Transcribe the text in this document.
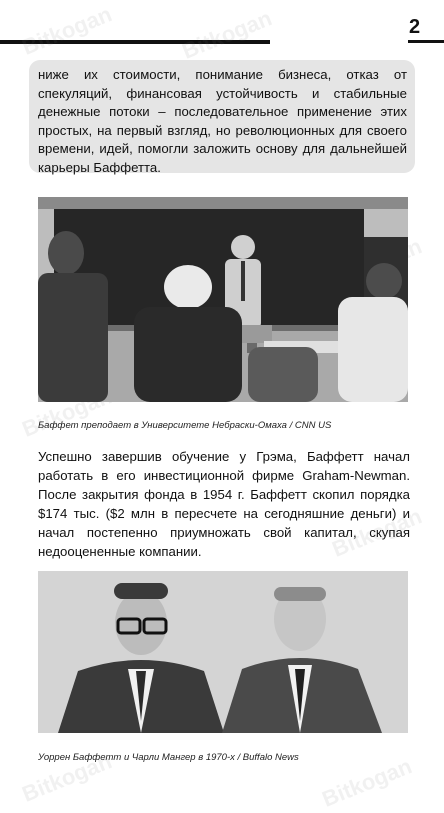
2
Bitkogan	Bitkogan
Bitkogan
Bitkogan
Bitkogan	Bitkogan
ниже их стоимости, понимание бизнеса, отказ от спекуляций, финансовая устойчивость и стабильные денежные потоки – последовательное применение этих простых, на первый взгляд, но революционных для своего времени, идей, помогли заложить основу для дальнейшей карьеры Баффетта.
Баффет преподает в Университете Небраски-Омаха / CNN US
Успешно завершив обучение у Грэма, Баффетт начал работать в его инвестиционной фирме Graham-Newman. После закрытия фонда в 1954 г. Баффетт скопил порядка $174 тыс. ($2 млн в пересчете на сегодняшние деньги) и начал постепенно приумножать свой капитал, скупая недооцененные компании.
Уоррен Баффетт и Чарли Мангер в 1970-х / Buffalo News
